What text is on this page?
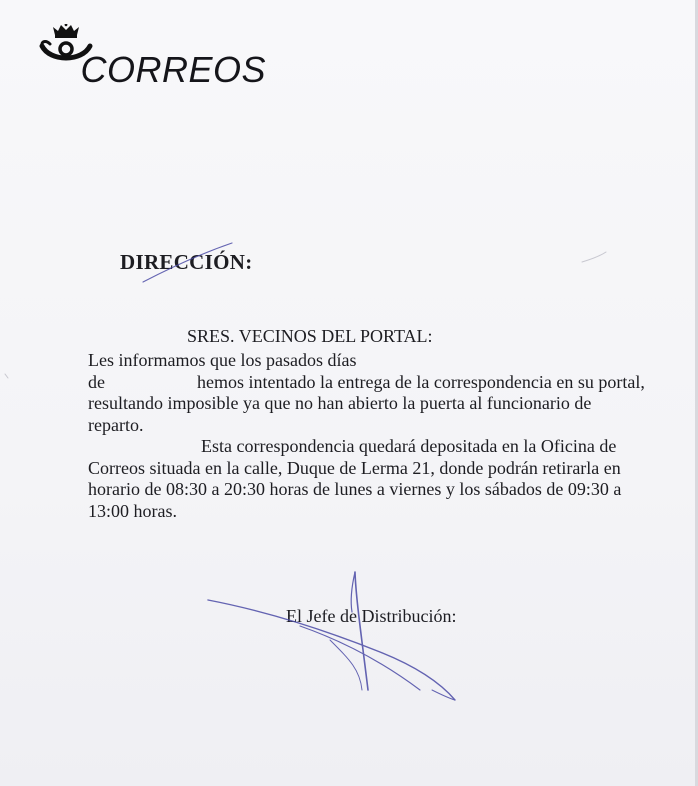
CORREOS
DIRECCIÓN:
SRES. VECINOS DEL PORTAL:

Les informamos que los pasados días

de	hemos intentado la entrega de la correspondencia en su portal,

resultando imposible ya que no han abierto la puerta al funcionario de

reparto.

Esta correspondencia quedará depositada en la Oficina de

Correos situada en la calle, Duque de Lerma 21, donde podrán retirarla en

horario de 08:30 a 20:30 horas de lunes a viernes y los sábados de 09:30 a

13:00 horas.

El Jefe de Distribución:
